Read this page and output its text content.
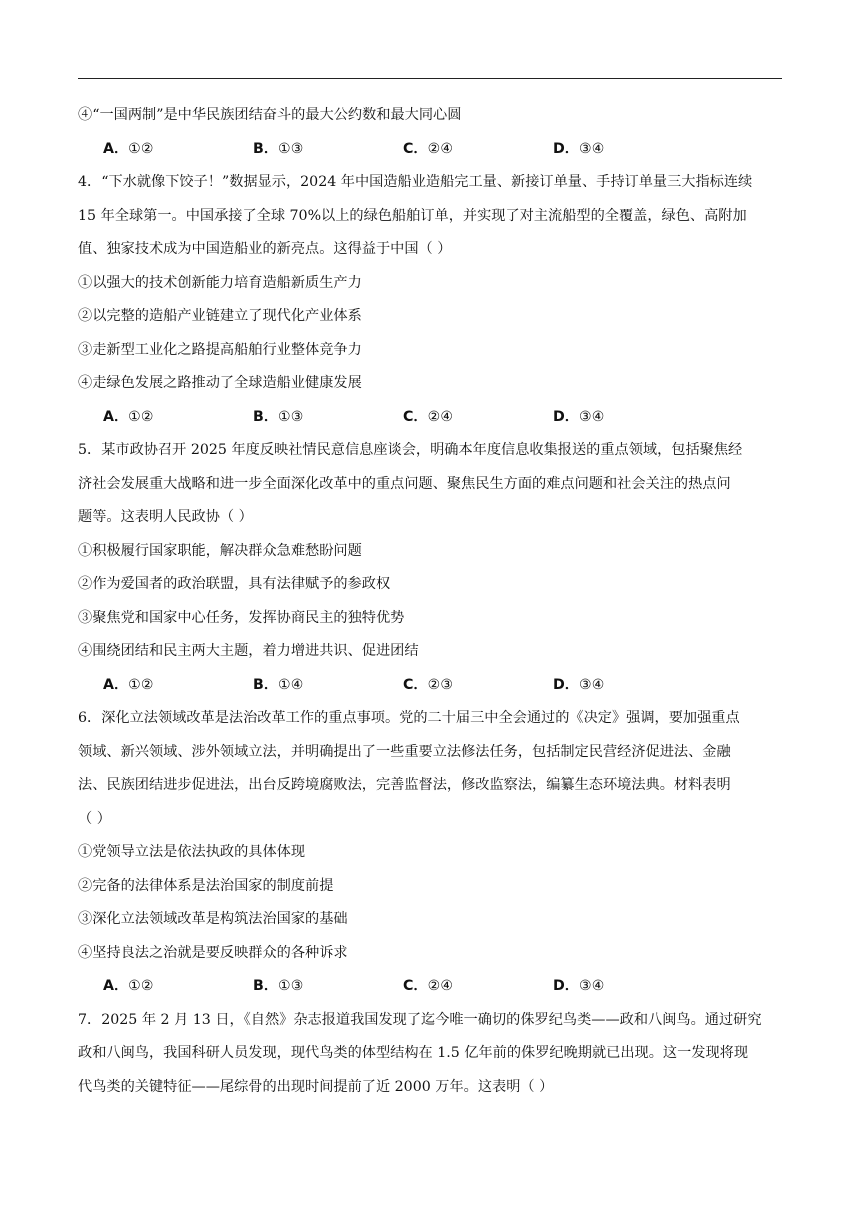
④“一国两制”是中华民族团结奋斗的最大公约数和最大同心圆
A．①②	B．①③	C．②④	D．③④
4．“下水就像下饺子！”数据显示，2024 年中国造船业造船完工量、新接订单量、手持订单量三大指标连续
15 年全球第一。中国承接了全球 70%以上的绿色船舶订单，并实现了对主流船型的全覆盖，绿色、高附加
值、独家技术成为中国造船业的新亮点。这得益于中国（ ）
①以强大的技术创新能力培育造船新质生产力
②以完整的造船产业链建立了现代化产业体系
③走新型工业化之路提高船舶行业整体竞争力
④走绿色发展之路推动了全球造船业健康发展
A．①②	B．①③	C．②④	D．③④
5．某市政协召开 2025 年度反映社情民意信息座谈会，明确本年度信息收集报送的重点领域，包括聚焦经
济社会发展重大战略和进一步全面深化改革中的重点问题、聚焦民生方面的难点问题和社会关注的热点问
题等。这表明人民政协（ ）
①积极履行国家职能，解决群众急难愁盼问题
②作为爱国者的政治联盟，具有法律赋予的参政权
③聚焦党和国家中心任务，发挥协商民主的独特优势
④围绕团结和民主两大主题，着力增进共识、促进团结
A．①②	B．①④	C．②③	D．③④
6．深化立法领域改革是法治改革工作的重点事项。党的二十届三中全会通过的《决定》强调，要加强重点
领域、新兴领域、涉外领域立法，并明确提出了一些重要立法修法任务，包括制定民营经济促进法、金融
法、民族团结进步促进法，出台反跨境腐败法，完善监督法，修改监察法，编纂生态环境法典。材料表明
（ ）
①党领导立法是依法执政的具体体现
②完备的法律体系是法治国家的制度前提
③深化立法领域改革是构筑法治国家的基础
④坚持良法之治就是要反映群众的各种诉求
A．①②	B．①③	C．②④	D．③④
7．2025 年 2 月 13 日，《自然》杂志报道我国发现了迄今唯一确切的侏罗纪鸟类——政和八闽鸟。通过研究
政和八闽鸟，我国科研人员发现，现代鸟类的体型结构在 1.5 亿年前的侏罗纪晚期就已出现。这一发现将现
代鸟类的关键特征——尾综骨的出现时间提前了近 2000 万年。这表明（ ）
